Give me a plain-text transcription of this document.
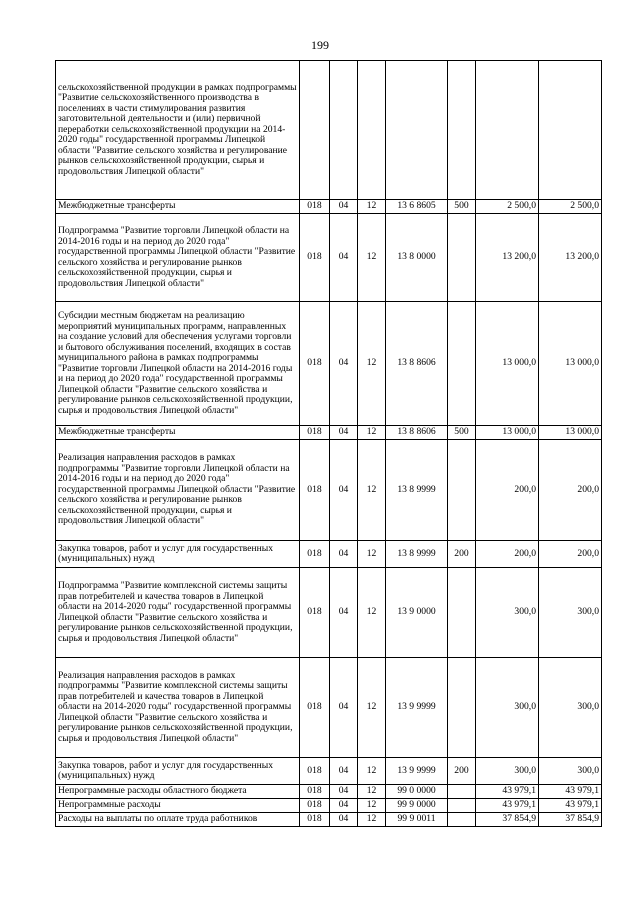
199
сельскохозяйственной продукции в рамках подпрограммы "Развитие сельскохозяйственного производства в поселениях в части стимулирования развития заготовительной деятельности и (или) первичной переработки сельскохозяйственной продукции на 2014-2020 годы" государственной программы Липецкой области "Развитие сельского хозяйства и регулирование рынков сельскохозяйственной продукции, сырья и продовольствия Липецкой области"							
Межбюджетные трансферты	018	04	12	13 6 8605	500	2 500,0	2 500,0
Подпрограмма "Развитие торговли Липецкой области на 2014-2016 годы и на период до 2020 года" государственной программы Липецкой области "Развитие сельского хозяйства и регулирование рынков сельскохозяйственной продукции, сырья и продовольствия Липецкой области"	018	04	12	13 8 0000		13 200,0	13 200,0
Субсидии местным бюджетам на реализацию мероприятий муниципальных программ, направленных на создание условий для обеспечения услугами торговли и бытового обслуживания поселений, входящих в состав муниципального района в рамках подпрограммы "Развитие торговли Липецкой области на 2014-2016 годы и на период до 2020 года" государственной программы Липецкой области "Развитие сельского хозяйства и регулирование рынков сельскохозяйственной продукции, сырья и продовольствия Липецкой области"	018	04	12	13 8 8606		13 000,0	13 000,0
Межбюджетные трансферты	018	04	12	13 8 8606	500	13 000,0	13 000,0
Реализация направления расходов в рамках подпрограммы "Развитие торговли Липецкой области на 2014-2016 годы и на период до 2020 года" государственной программы Липецкой области "Развитие сельского хозяйства и регулирование рынков сельскохозяйственной продукции, сырья и продовольствия Липецкой области"	018	04	12	13 8 9999		200,0	200,0
Закупка товаров, работ и услуг для государственных (муниципальных) нужд	018	04	12	13 8 9999	200	200,0	200,0
Подпрограмма "Развитие комплексной системы защиты прав потребителей и качества товаров в Липецкой области на 2014-2020 годы" государственной программы Липецкой области "Развитие сельского хозяйства и регулирование рынков сельскохозяйственной продукции, сырья и продовольствия Липецкой области"	018	04	12	13 9 0000		300,0	300,0
Реализация направления расходов в рамках подпрограммы "Развитие комплексной системы защиты прав потребителей и качества товаров в Липецкой области на 2014-2020 годы" государственной программы Липецкой области "Развитие сельского хозяйства и регулирование рынков сельскохозяйственной продукции, сырья и продовольствия Липецкой области"	018	04	12	13 9 9999		300,0	300,0
Закупка товаров, работ и услуг для государственных (муниципальных) нужд	018	04	12	13 9 9999	200	300,0	300,0
Непрограммные расходы областного бюджета	018	04	12	99 0 0000		43 979,1	43 979,1
Непрограммные расходы	018	04	12	99 9 0000		43 979,1	43 979,1
Расходы на выплаты по оплате труда работников	018	04	12	99 9 0011		37 854,9	37 854,9
